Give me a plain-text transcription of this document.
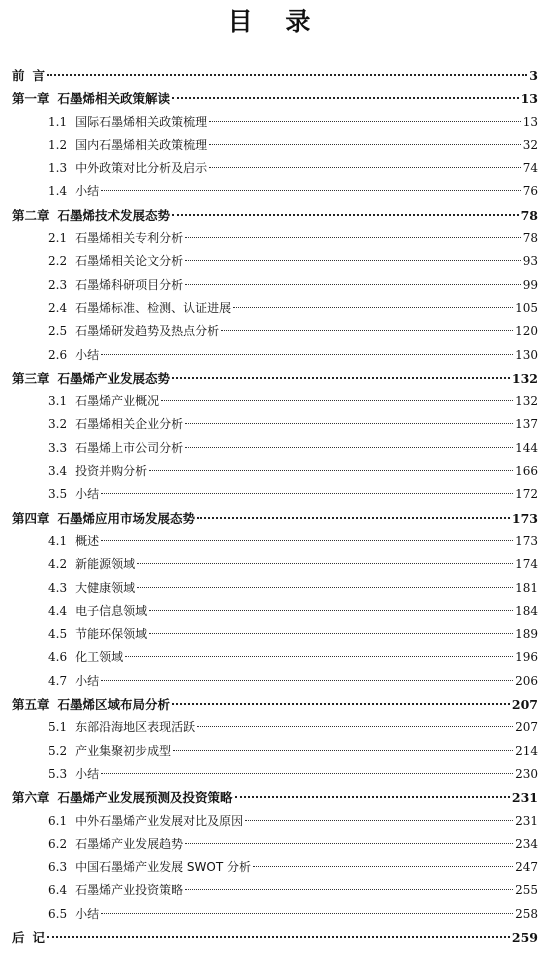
目 录
前 言	3
第一章 石墨烯相关政策解读	13
1.1 国际石墨烯相关政策梳理	13
1.2 国内石墨烯相关政策梳理	32
1.3 中外政策对比分析及启示	74
1.4 小结	76
第二章 石墨烯技术发展态势	78
2.1 石墨烯相关专利分析	78
2.2 石墨烯相关论文分析	93
2.3 石墨烯科研项目分析	99
2.4 石墨烯标准、检测、认证进展	105
2.5 石墨烯研发趋势及热点分析	120
2.6 小结	130
第三章 石墨烯产业发展态势	132
3.1 石墨烯产业概况	132
3.2 石墨烯相关企业分析	137
3.3 石墨烯上市公司分析	144
3.4 投资并购分析	166
3.5 小结	172
第四章 石墨烯应用市场发展态势	173
4.1 概述	173
4.2 新能源领域	174
4.3 大健康领域	181
4.4 电子信息领域	184
4.5 节能环保领域	189
4.6 化工领域	196
4.7 小结	206
第五章 石墨烯区域布局分析	207
5.1 东部沿海地区表现活跃	207
5.2 产业集聚初步成型	214
5.3 小结	230
第六章 石墨烯产业发展预测及投资策略	231
6.1 中外石墨烯产业发展对比及原因	231
6.2 石墨烯产业发展趋势	234
6.3 中国石墨烯产业发展 SWOT 分析	247
6.4 石墨烯产业投资策略	255
6.5 小结	258
后 记	259
